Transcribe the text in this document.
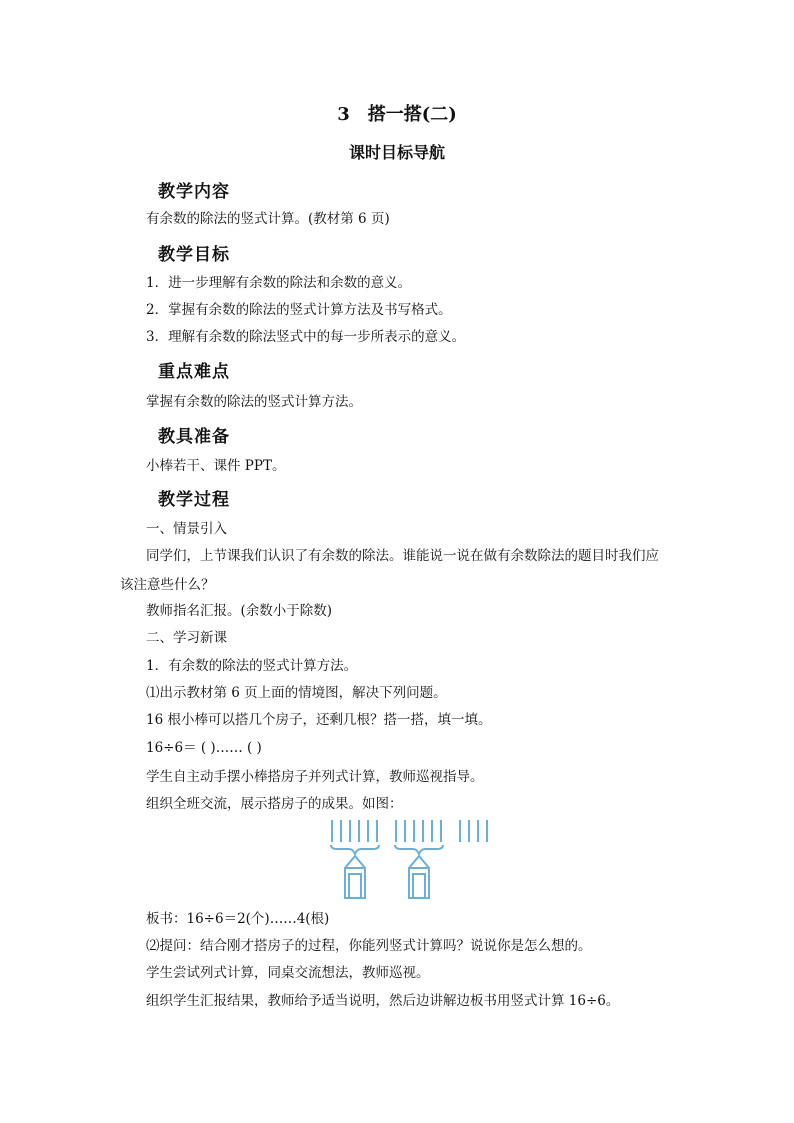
3 搭一搭(二)
课时目标导航
教学内容
有余数的除法的竖式计算。(教材第 6 页)
教学目标
1．进一步理解有余数的除法和余数的意义。
2．掌握有余数的除法的竖式计算方法及书写格式。
3．理解有余数的除法竖式中的每一步所表示的意义。
重点难点
掌握有余数的除法的竖式计算方法。
教具准备
小棒若干、课件 PPT。
教学过程
一、情景引入
同学们，上节课我们认识了有余数的除法。谁能说一说在做有余数除法的题目时我们应
该注意些什么？
教师指名汇报。(余数小于除数)
二、学习新课
1．有余数的除法的竖式计算方法。
⑴出示教材第 6 页上面的情境图，解决下列问题。
16 根小棒可以搭几个房子，还剩几根？搭一搭，填一填。
16÷6＝ ( )…… ( )
学生自主动手摆小棒搭房子并列式计算，教师巡视指导。
组织全班交流，展示搭房子的成果。如图：
板书：16÷6＝2(个)……4(根)
⑵提问：结合刚才搭房子的过程，你能列竖式计算吗？说说你是怎么想的。
学生尝试列式计算，同桌交流想法，教师巡视。
组织学生汇报结果，教师给予适当说明，然后边讲解边板书用竖式计算 16÷6。
